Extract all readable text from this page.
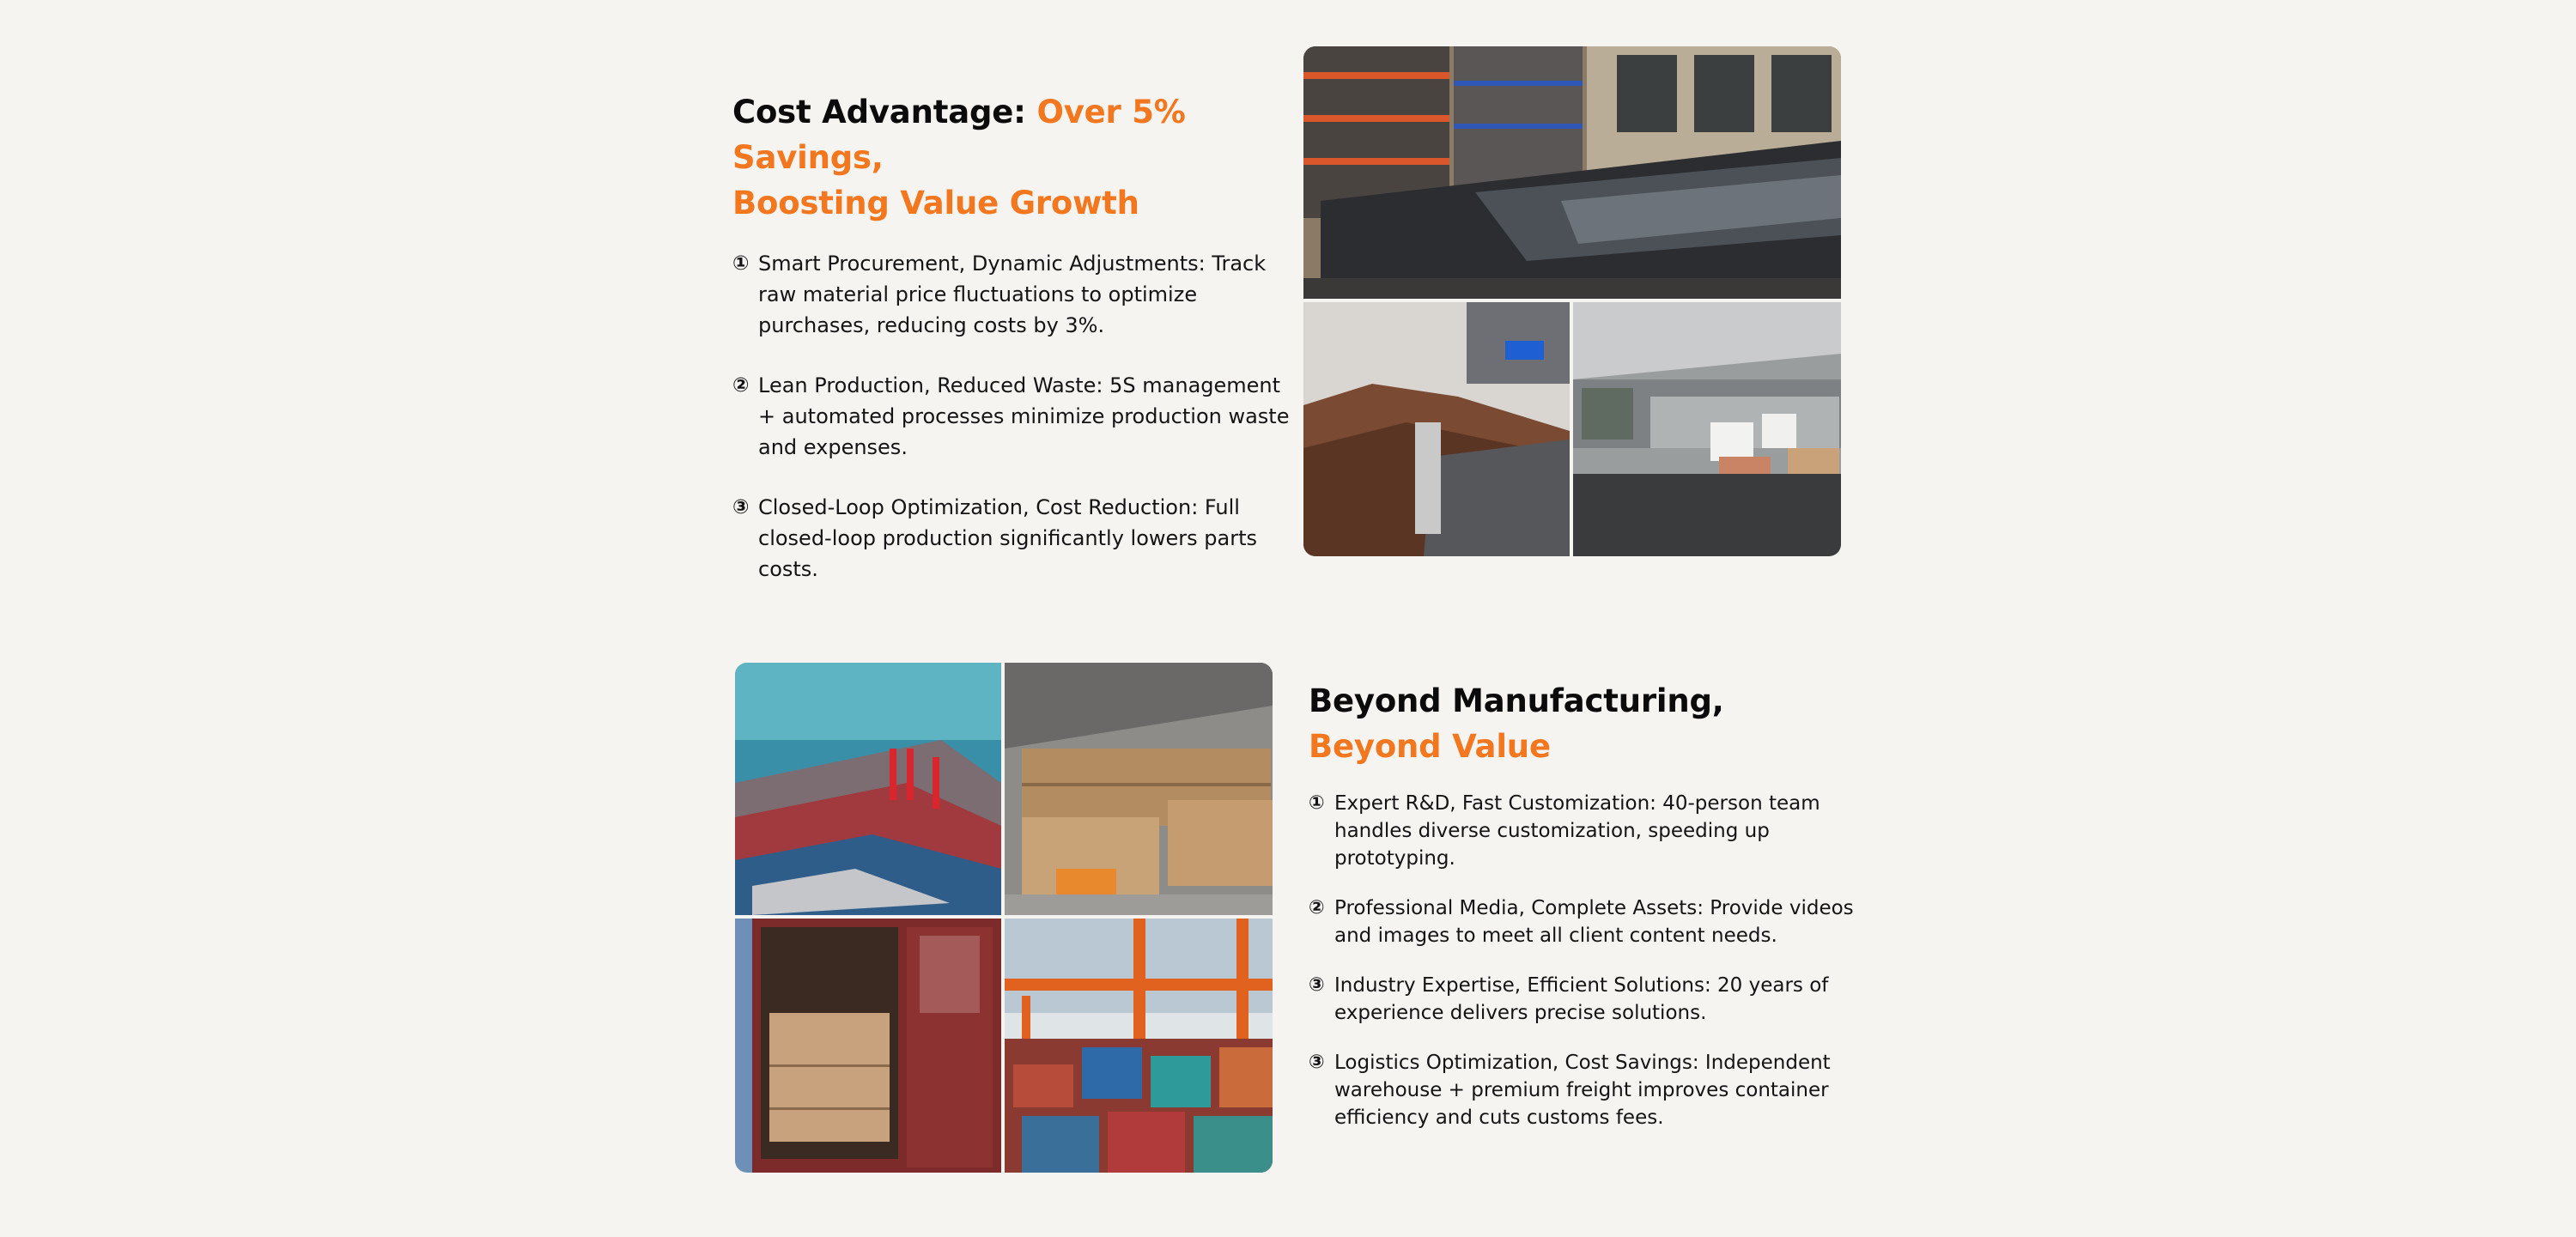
Cost Advantage: Over 5% Savings,
Boosting Value Growth
① Smart Procurement, Dynamic Adjustments: Track raw material price fluctuations to optimize purchases, reducing costs by 3%.
② Lean Production, Reduced Waste: 5S management + automated processes minimize production waste and expenses.
③ Closed-Loop Optimization, Cost Reduction: Full closed-loop production significantly lowers parts costs.
Beyond Manufacturing,
Beyond Value
① Expert R&D, Fast Customization: 40-person team handles diverse customization, speeding up prototyping.
② Professional Media, Complete Assets: Provide videos and images to meet all client content needs.
③ Industry Expertise, Efficient Solutions: 20 years of experience delivers precise solutions.
③ Logistics Optimization, Cost Savings: Independent warehouse + premium freight improves container efficiency and cuts customs fees.
